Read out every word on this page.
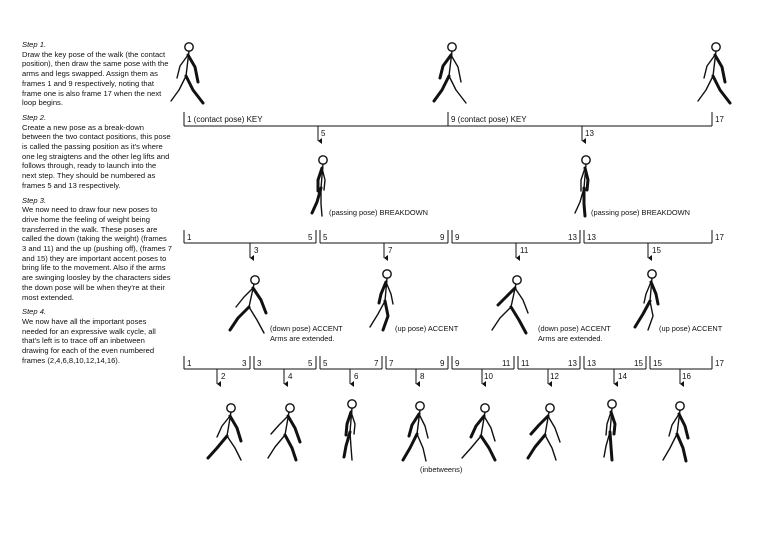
Step 1.
Draw the key pose of the walk (the contact position), then draw the same pose with the arms and legs swapped. Assign them as frames 1 and 9 respectively, noting that frame one is also frame 17 when the next loop begins.
Step 2.
Create a new pose as a break-down between the two contact positions, this pose is called the passing position as it's where one leg straigtens and the other leg lifts and follows through, ready to launch into the next step. They should be numbered as frames 5 and 13 respectively.
Step 3.
We now need to draw four new poses to drive home the feeling of weight being transferred in the walk. These poses are called the down (taking the weight) (frames 3 and 11) and the up (pushing off), (frames 7 and 15) they are important accent poses to bring life to the movement. Also if the arms are swinging loosley by the characters sides the down pose will be when they're at their most extended.
Step 4.
We now have all the important poses needed for an expressive walk cycle, all that's left is to trace off an inbetween drawing for each of the even numbered frames (2,4,6,8,10,12,14,16).
1 (contact pose) KEY	9 (contact pose) KEY	17
5	13
1	5 5	9 9	13 13	17
3	7	11	15
(passing pose) BREAKDOWN	(passing pose) BREAKDOWN
(down pose) ACCENT
Arms are extended.
(up pose) ACCENT	(down pose) ACCENT
Arms are extended.
(up pose) ACCENT
1	3 3	5 5	7 7	9 9	11 11	13 13	15 15	17
2	4	6	8	10	12	14	16
(inbetweens)
